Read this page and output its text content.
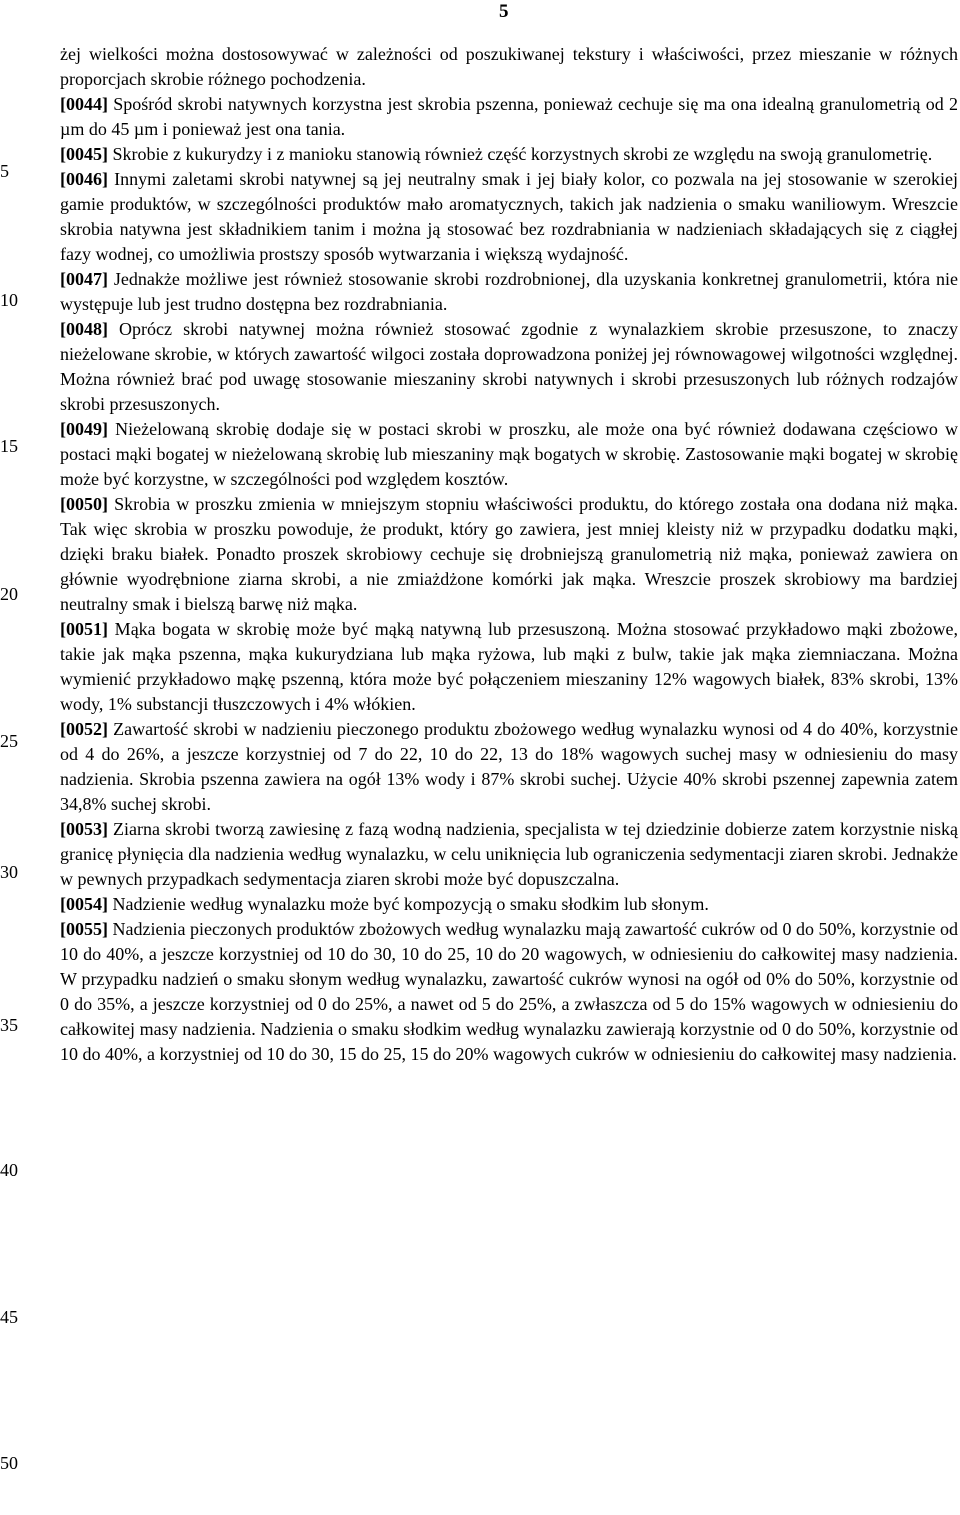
5
5
10
15
20
25
30
35
40
45
50

żej wielkości można dostosowywać w zależności od poszukiwanej tekstury i właściwości, przez mieszanie w różnych proporcjach skrobie różnego pochodzenia.

[0044] Spośród skrobi natywnych korzystna jest skrobia pszenna, ponieważ cechuje się ma ona idealną granulometrią od 2 µm do 45 µm i ponieważ jest ona tania.

[0045] Skrobie z kukurydzy i z manioku stanowią również część korzystnych skrobi ze względu na swoją granulometrię.

[0046] Innymi zaletami skrobi natywnej są jej neutralny smak i jej biały kolor, co pozwala na jej stosowanie w szerokiej gamie produktów, w szczególności produktów mało aromatycznych, takich jak nadzienia o smaku waniliowym. Wreszcie skrobia natywna jest składnikiem tanim i można ją stosować bez rozdrabniania w nadzieniach składających się z ciągłej fazy wodnej, co umożliwia prostszy sposób wytwarzania i większą wydajność.

[0047] Jednakże możliwe jest również stosowanie skrobi rozdrobnionej, dla uzyskania konkretnej granulometrii, która nie występuje lub jest trudno dostępna bez rozdrabniania.

[0048] Oprócz skrobi natywnej można również stosować zgodnie z wynalazkiem skrobie przesuszone, to znaczy nieżelowane skrobie, w których zawartość wilgoci została doprowadzona poniżej jej równowagowej wilgotności względnej. Można również brać pod uwagę stosowanie mieszaniny skrobi natywnych i skrobi przesuszonych lub różnych rodzajów skrobi przesuszonych.

[0049] Nieżelowaną skrobię dodaje się w postaci skrobi w proszku, ale może ona być również dodawana częściowo w postaci mąki bogatej w nieżelowaną skrobię lub mieszaniny mąk bogatych w skrobię. Zastosowanie mąki bogatej w skrobię może być korzystne, w szczególności pod względem kosztów.

[0050] Skrobia w proszku zmienia w mniejszym stopniu właściwości produktu, do którego została ona dodana niż mąka. Tak więc skrobia w proszku powoduje, że produkt, który go zawiera, jest mniej kleisty niż w przypadku dodatku mąki, dzięki braku białek. Ponadto proszek skrobiowy cechuje się drobniejszą granulometrią niż mąka, ponieważ zawiera on głównie wyodrębnione ziarna skrobi, a nie zmiażdżone komórki jak mąka. Wreszcie proszek skrobiowy ma bardziej neutralny smak i bielszą barwę niż mąka.

[0051] Mąka bogata w skrobię może być mąką natywną lub przesuszoną. Można stosować przykładowo mąki zbożowe, takie jak mąka pszenna, mąka kukurydziana lub mąka ryżowa, lub mąki z bulw, takie jak mąka ziemniaczana. Można wymienić przykładowo mąkę pszenną, która może być połączeniem mieszaniny 12% wagowych białek, 83% skrobi, 13% wody, 1% substancji tłuszczowych i 4% włókien.

[0052] Zawartość skrobi w nadzieniu pieczonego produktu zbożowego według wynalazku wynosi od 4 do 40%, korzystnie od 4 do 26%, a jeszcze korzystniej od 7 do 22, 10 do 22, 13 do 18% wagowych suchej masy w odniesieniu do masy nadzienia. Skrobia pszenna zawiera na ogół 13% wody i 87% skrobi suchej. Użycie 40% skrobi pszennej zapewnia zatem 34,8% suchej skrobi.

[0053] Ziarna skrobi tworzą zawiesinę z fazą wodną nadzienia, specjalista w tej dziedzinie dobierze zatem korzystnie niską granicę płynięcia dla nadzienia według wynalazku, w celu uniknięcia lub ograniczenia sedymentacji ziaren skrobi. Jednakże w pewnych przypadkach sedymentacja ziaren skrobi może być dopuszczalna.

[0054] Nadzienie według wynalazku może być kompozycją o smaku słodkim lub słonym.

[0055] Nadzienia pieczonych produktów zbożowych według wynalazku mają zawartość cukrów od 0 do 50%, korzystnie od 10 do 40%, a jeszcze korzystniej od 10 do 30, 10 do 25, 10 do 20 wagowych, w odniesieniu do całkowitej masy nadzienia. W przypadku nadzień o smaku słonym według wynalazku, zawartość cukrów wynosi na ogół od 0% do 50%, korzystnie od 0 do 35%, a jeszcze korzystniej od 0 do 25%, a nawet od 5 do 25%, a zwłaszcza od 5 do 15% wagowych w odniesieniu do całkowitej masy nadzienia. Nadzienia o smaku słodkim według wynalazku zawierają korzystnie od 0 do 50%, korzystnie od 10 do 40%, a korzystniej od 10 do 30, 15 do 25, 15 do 20% wagowych cukrów w odniesieniu do całkowitej masy nadzienia.
